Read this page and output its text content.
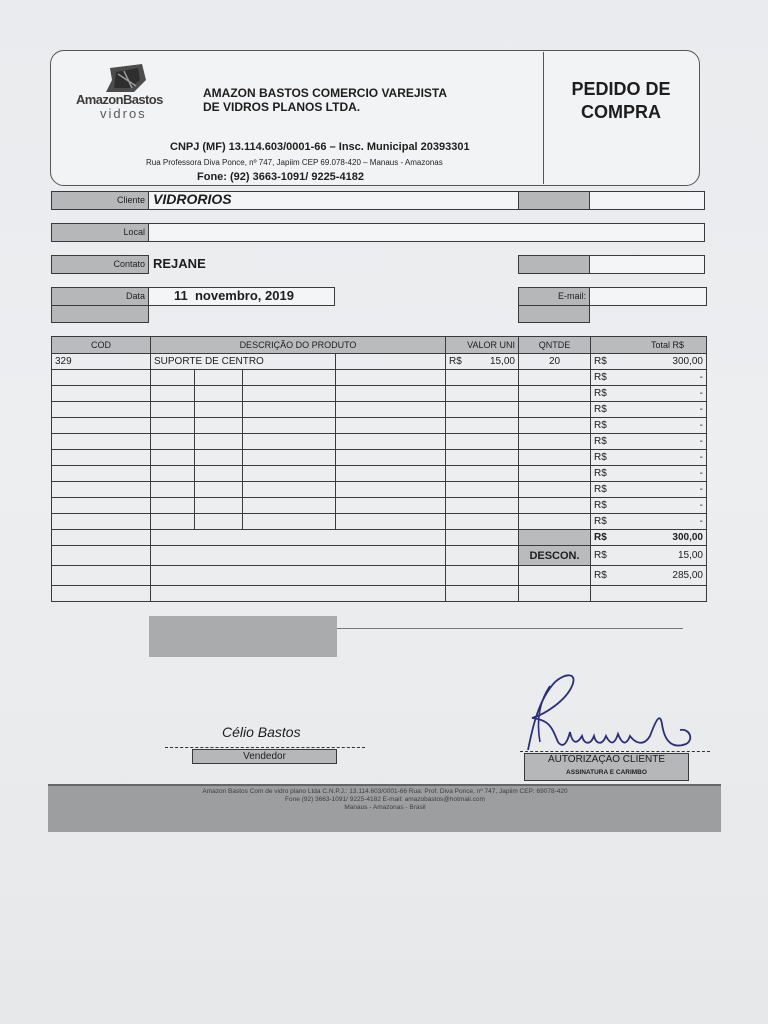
AmazonBastos
vidros
AMAZON BASTOS COMERCIO VAREJISTA
DE VIDROS PLANOS LTDA.
PEDIDO DE
COMPRA
CNPJ (MF) 13.114.603/0001-66 – Insc. Municipal 20393301
Rua Professora Diva Ponce, nº 747, Japiim CEP 69.078-420 – Manaus - Amazonas
Fone: (92) 3663-1091/ 9225-4182
Cliente VIDRORIOS
Local
Contato REJANE
Data	11  novembro, 2019	E-mail:
COD	DESCRIÇÃO DO PRODUTO				VALOR UNI	QNTDE	Total R$
329	SUPORTE DE CENTRO				R$ 15,00	20	R$ 300,00

							R$ -

							R$ -

							R$ -

							R$ -

							R$ -

							R$ -

							R$ -

							R$ -

							R$ -

							R$ -

							R$ 300,00

						DESCON.	R$ 15,00

							R$ 285,00

Célio Bastos
Vendedor	AUTORIZAÇÃO CLIENTE
ASSINATURA E CARIMBO
Amazon Bastos Com de vidro plano Ltda C.N.P.J.: 13.114.603/0001-66 Rua: Prof. Diva Ponce, nº 747, Japiim CEP: 69078-420
Fone (92) 3663-1091/ 9225-4182 E-mail: amazobastos@hotmail.com
Manaus - Amazonas - Brasil
